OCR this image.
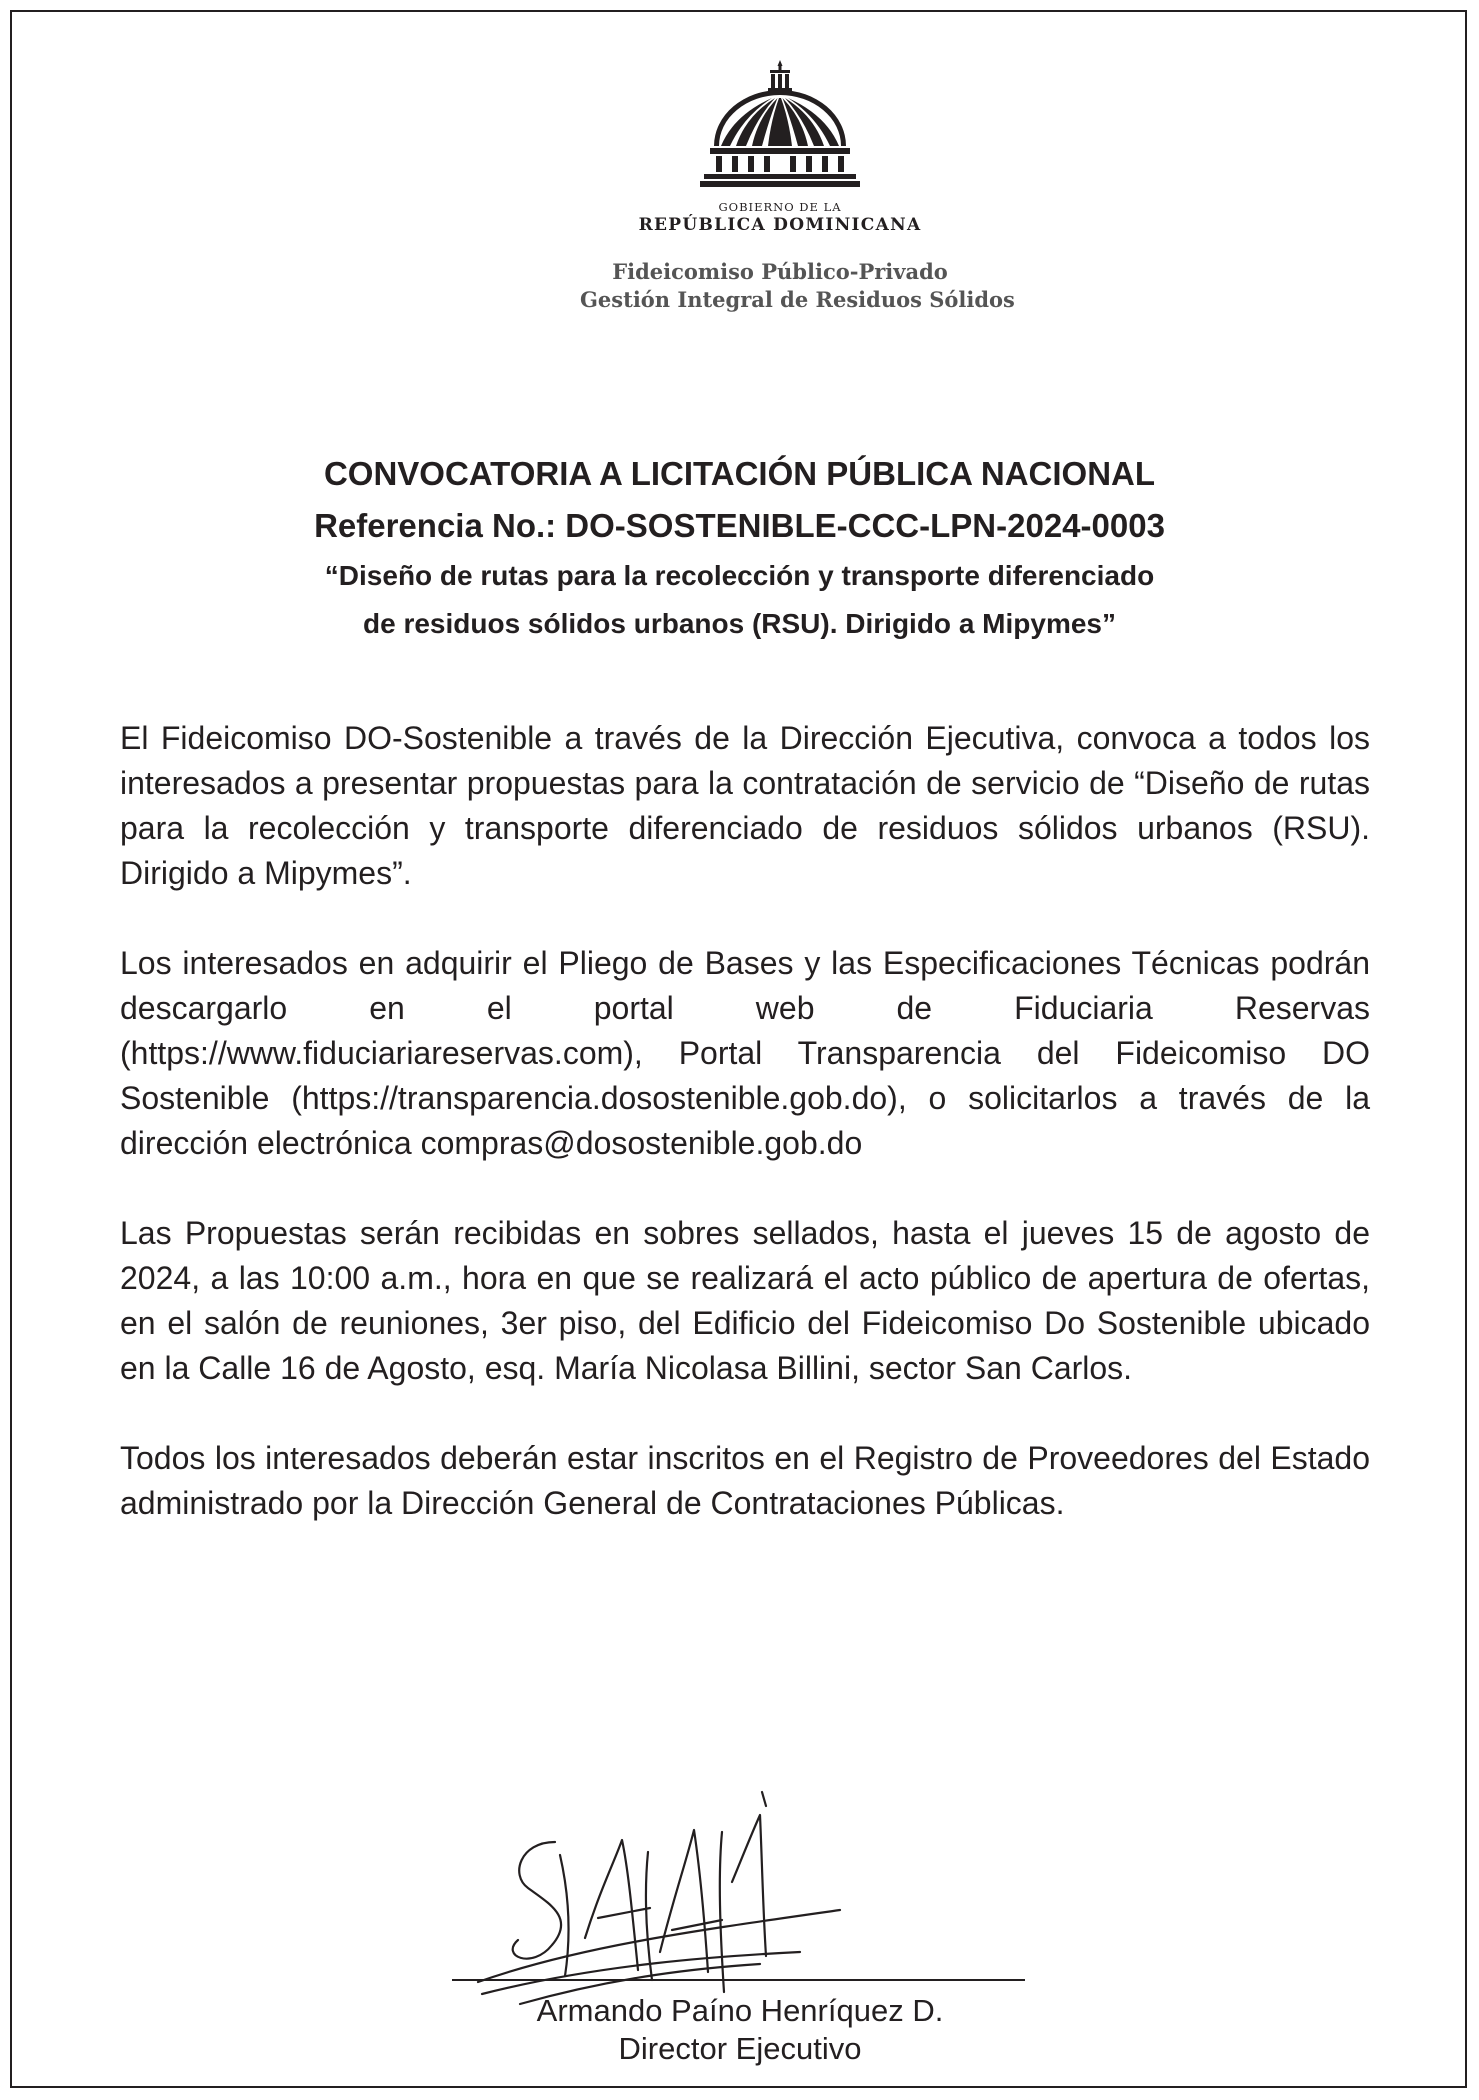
GOBIERNO DE LA
REPÚBLICA DOMINICANA
Fideicomiso Público-Privado
Gestión Integral de Residuos Sólidos
CONVOCATORIA A LICITACIÓN PÚBLICA NACIONAL
Referencia No.: DO-SOSTENIBLE-CCC-LPN-2024-0003
“Diseño de rutas para la recolección y transporte diferenciado
de residuos sólidos urbanos (RSU). Dirigido a Mipymes”

El Fideicomiso DO-Sostenible a través de la Dirección Ejecutiva, convoca a todos los interesados a presentar propuestas para la contratación de servicio de “Diseño de rutas para la recolección y transporte diferenciado de residuos sólidos urbanos (RSU). Dirigido a Mipymes”.

Los interesados en adquirir el Pliego de Bases y las Especificaciones Técnicas podrán descargarlo en el portal web de Fiduciaria Reservas (https://www.fiduciariareservas.com), Portal Transparencia del Fideicomiso DO Sostenible (https://transparencia.dosostenible.gob.do), o solicitarlos a través de la dirección electrónica compras@dosostenible.gob.do

Las Propuestas serán recibidas en sobres sellados, hasta el jueves 15 de agosto de 2024, a las 10:00 a.m., hora en que se realizará el acto público de apertura de ofertas, en el salón de reuniones, 3er piso, del Edificio del Fideicomiso Do Sostenible ubicado en la Calle 16 de Agosto, esq. María Nicolasa Billini, sector San Carlos.

Todos los interesados deberán estar inscritos en el Registro de Proveedores del Estado administrado por la Dirección General de Contrataciones Públicas.

Armando Paíno Henríquez D.
Director Ejecutivo
